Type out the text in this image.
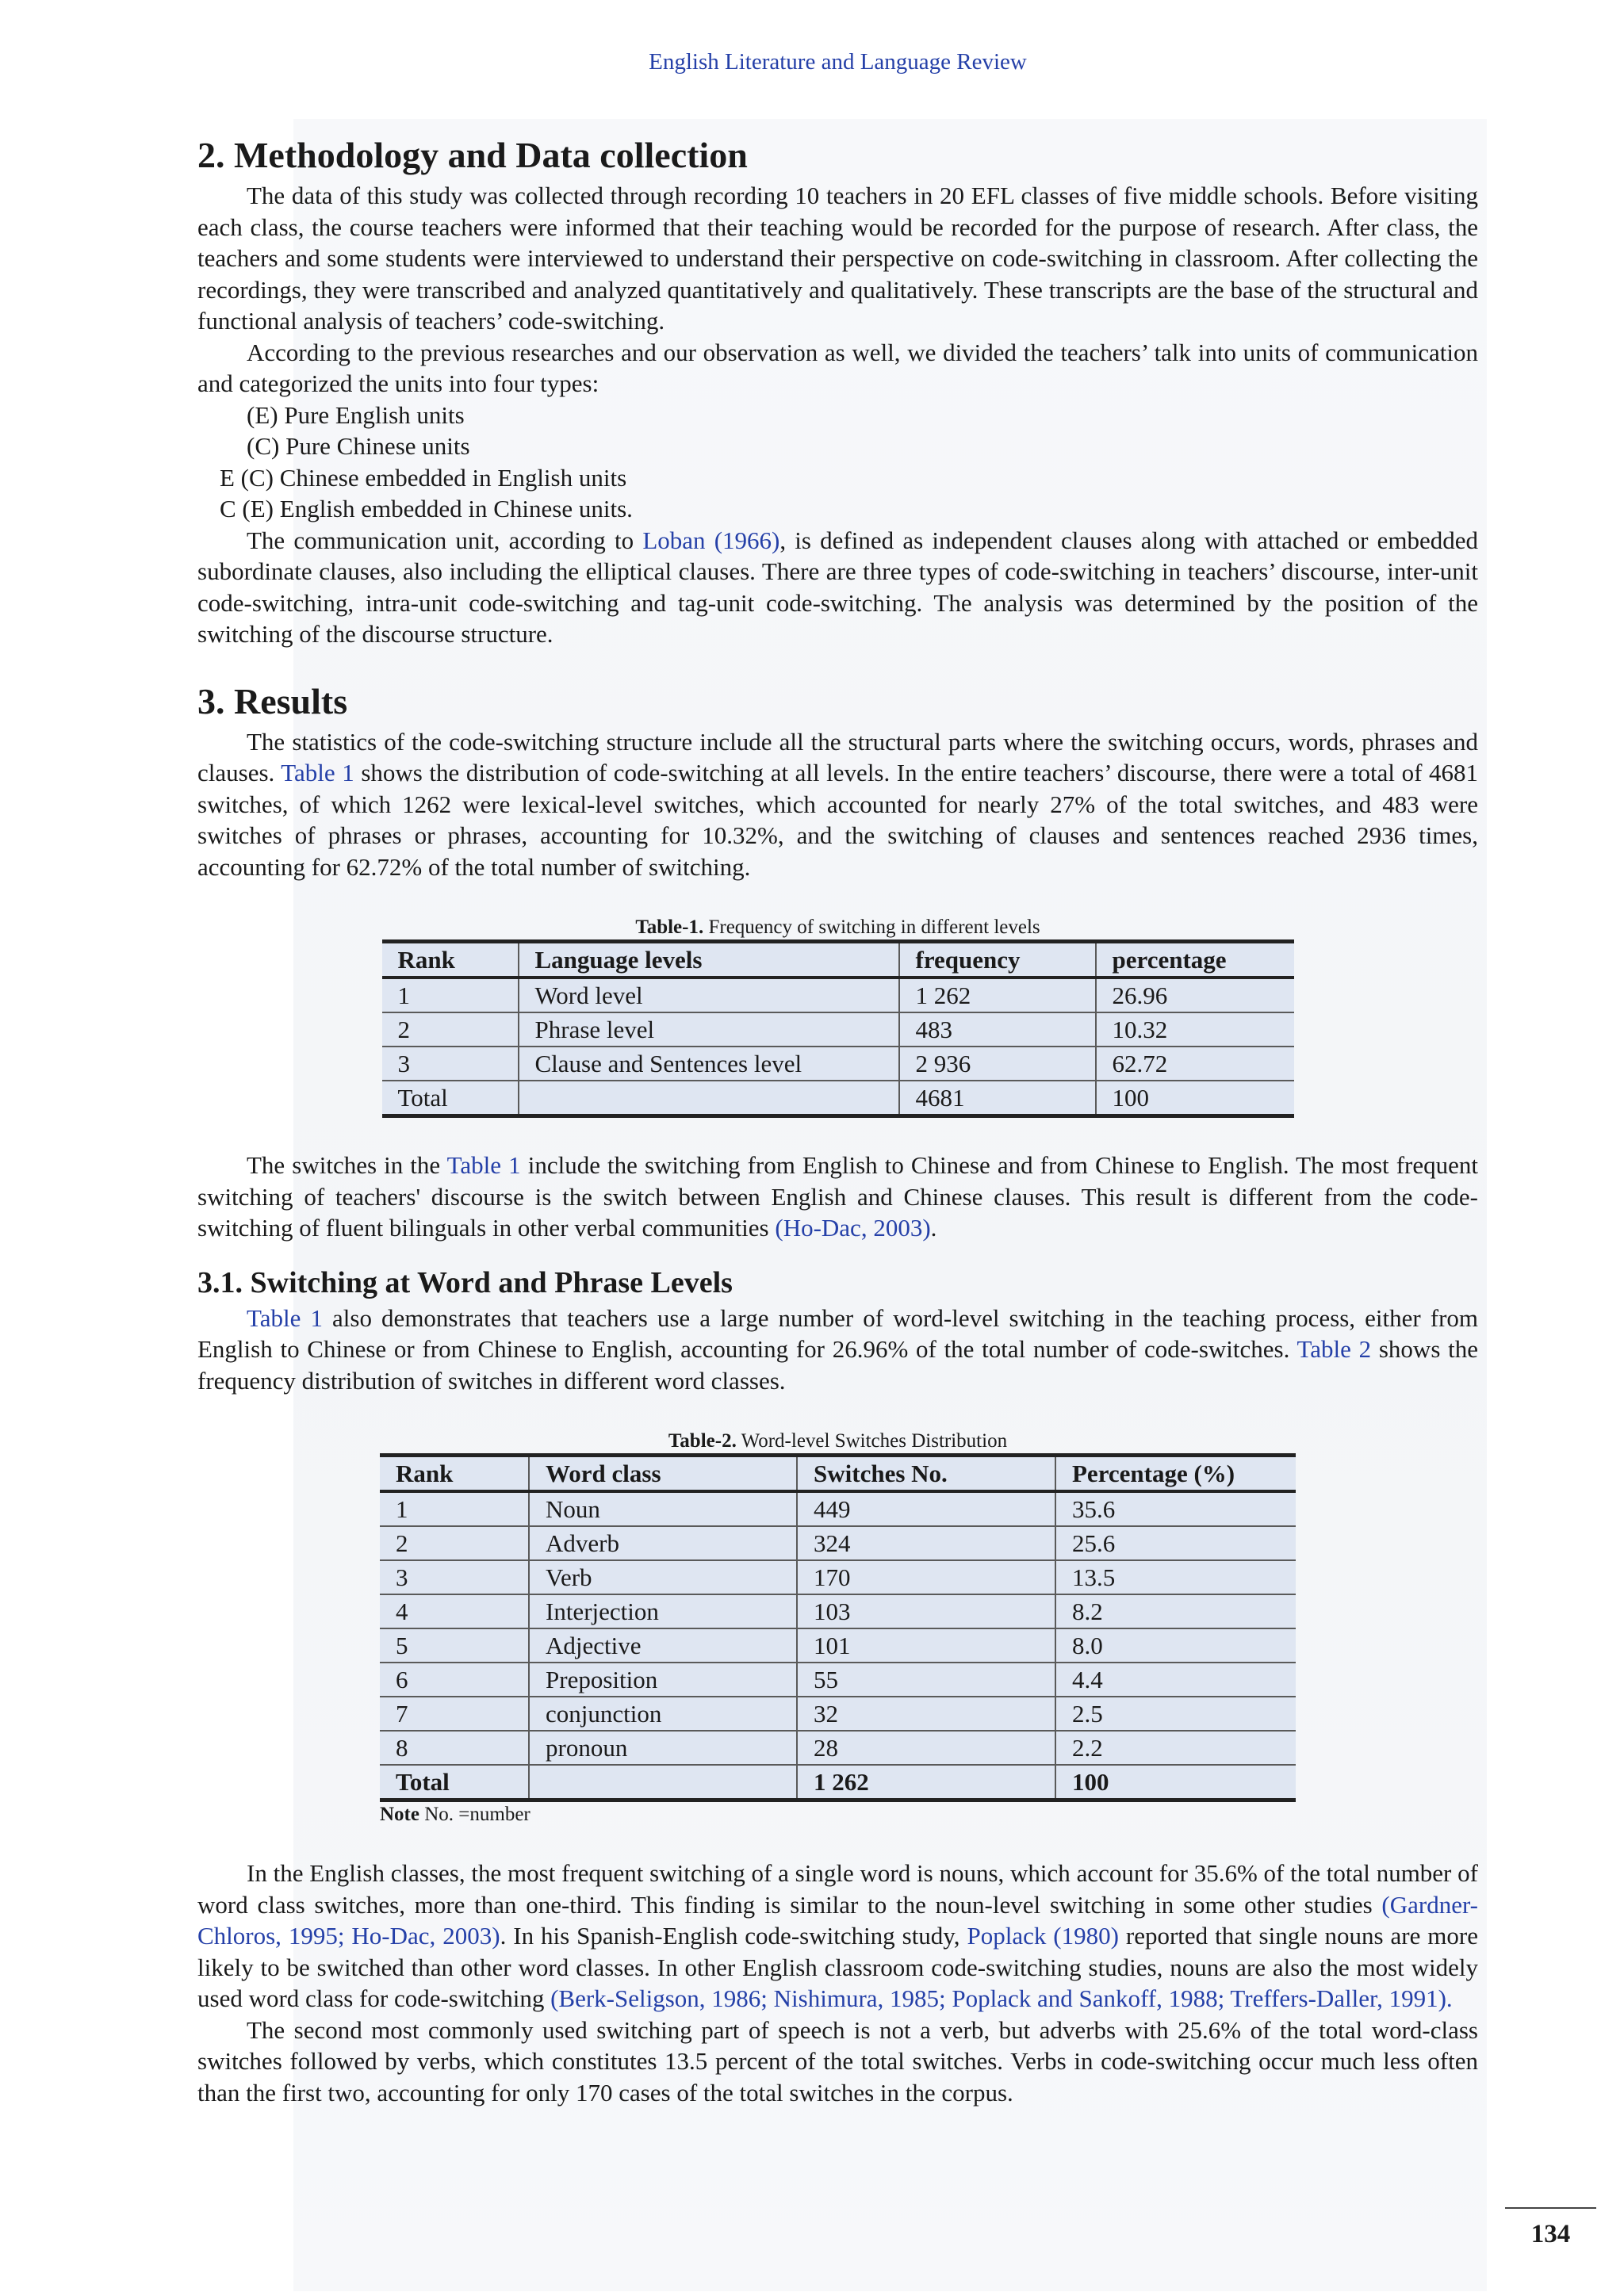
English Literature and Language Review
2. Methodology and Data collection

The data of this study was collected through recording 10 teachers in 20 EFL classes of five middle schools. Before visiting each class, the course teachers were informed that their teaching would be recorded for the purpose of research. After class, the teachers and some students were interviewed to understand their perspective on code-switching in classroom. After collecting the recordings, they were transcribed and analyzed quantitatively and qualitatively. These transcripts are the base of the structural and functional analysis of teachers’ code-switching.

According to the previous researches and our observation as well, we divided the teachers’ talk into units of communication and categorized the units into four types:

(E) Pure English units
(C) Pure Chinese units
E (C) Chinese embedded in English units
C (E) English embedded in Chinese units.

The communication unit, according to Loban (1966), is defined as independent clauses along with attached or embedded subordinate clauses, also including the elliptical clauses. There are three types of code-switching in teachers’ discourse, inter-unit code-switching, intra-unit code-switching and tag-unit code-switching. The analysis was determined by the position of the switching of the discourse structure.

3. Results

The statistics of the code-switching structure include all the structural parts where the switching occurs, words, phrases and clauses. Table 1 shows the distribution of code-switching at all levels. In the entire teachers’ discourse, there were a total of 4681 switches, of which 1262 were lexical-level switches, which accounted for nearly 27% of the total switches, and 483 were switches of phrases or phrases, accounting for 10.32%, and the switching of clauses and sentences reached 2936 times, accounting for 62.72% of the total number of switching.

Table-1. Frequency of switching in different levels
Rank	Language levels	frequency	percentage
1	Word level	1 262	26.96
2	Phrase level	483	10.32
3	Clause and Sentences level	2 936	62.72
Total		4681	100

The switches in the Table 1 include the switching from English to Chinese and from Chinese to English. The most frequent switching of teachers' discourse is the switch between English and Chinese clauses. This result is different from the code-switching of fluent bilinguals in other verbal communities (Ho-Dac, 2003).

3.1. Switching at Word and Phrase Levels

Table 1 also demonstrates that teachers use a large number of word-level switching in the teaching process, either from English to Chinese or from Chinese to English, accounting for 26.96% of the total number of code-switches. Table 2 shows the frequency distribution of switches in different word classes.

Table-2. Word-level Switches Distribution
Rank	Word class	Switches No.	Percentage (%)
1	Noun	449	35.6
2	Adverb	324	25.6
3	Verb	170	13.5
4	Interjection	103	8.2
5	Adjective	101	8.0
6	Preposition	55	4.4
7	conjunction	32	2.5
8	pronoun	28	2.2
Total		1 262	100
Note No. =number

In the English classes, the most frequent switching of a single word is nouns, which account for 35.6% of the total number of word class switches, more than one-third. This finding is similar to the noun-level switching in some other studies (Gardner-Chloros, 1995; Ho-Dac, 2003). In his Spanish-English code-switching study, Poplack (1980) reported that single nouns are more likely to be switched than other word classes. In other English classroom code-switching studies, nouns are also the most widely used word class for code-switching (Berk-Seligson, 1986; Nishimura, 1985; Poplack and Sankoff, 1988; Treffers-Daller, 1991).

The second most commonly used switching part of speech is not a verb, but adverbs with 25.6% of the total word-class switches followed by verbs, which constitutes 13.5 percent of the total switches. Verbs in code-switching occur much less often than the first two, accounting for only 170 cases of the total switches in the corpus.

134
